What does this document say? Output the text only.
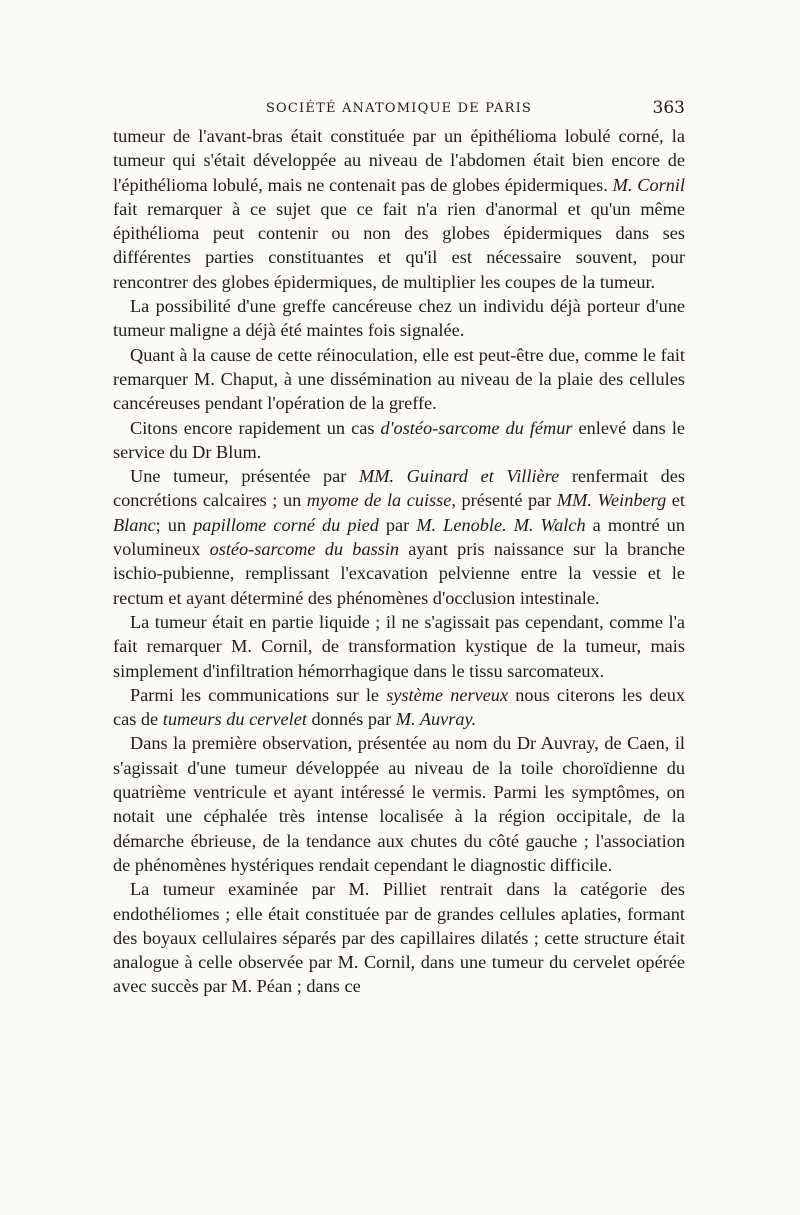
SOCIÉTÉ ANATOMIQUE DE PARIS	363

tumeur de l'avant-bras était constituée par un épithélioma lobulé corné, la tumeur qui s'était développée au niveau de l'abdomen était bien encore de l'épithélioma lobulé, mais ne contenait pas de globes épidermiques. M. Cornil fait remarquer à ce sujet que ce fait n'a rien d'anormal et qu'un même épithélioma peut contenir ou non des globes épidermiques dans ses différentes parties constituantes et qu'il est nécessaire souvent, pour rencontrer des globes épidermiques, de multiplier les coupes de la tumeur.

La possibilité d'une greffe cancéreuse chez un individu déjà porteur d'une tumeur maligne a déjà été maintes fois signalée.

Quant à la cause de cette réinoculation, elle est peut-être due, comme le fait remarquer M. Chaput, à une dissémination au niveau de la plaie des cellules cancéreuses pendant l'opération de la greffe.

Citons encore rapidement un cas d'ostéo-sarcome du fémur enlevé dans le service du Dr Blum.

Une tumeur, présentée par MM. Guinard et Villière renfermait des concrétions calcaires ; un myome de la cuisse, présenté par MM. Weinberg et Blanc; un papillome corné du pied par M. Lenoble. M. Walch a montré un volumineux ostéo-sarcome du bassin ayant pris naissance sur la branche ischio-pubienne, remplissant l'excavation pelvienne entre la vessie et le rectum et ayant déterminé des phénomènes d'occlusion intestinale.

La tumeur était en partie liquide ; il ne s'agissait pas cependant, comme l'a fait remarquer M. Cornil, de transformation kystique de la tumeur, mais simplement d'infiltration hémorrhagique dans le tissu sarcomateux.

Parmi les communications sur le système nerveux nous citerons les deux cas de tumeurs du cervelet donnés par M. Auvray.

Dans la première observation, présentée au nom du Dr Auvray, de Caen, il s'agissait d'une tumeur développée au niveau de la toile choroïdienne du quatrième ventricule et ayant intéressé le vermis. Parmi les symptômes, on notait une céphalée très intense localisée à la région occipitale, de la démarche ébrieuse, de la tendance aux chutes du côté gauche ; l'association de phénomènes hystériques rendait cependant le diagnostic difficile.

La tumeur examinée par M. Pilliet rentrait dans la catégorie des endothéliomes ; elle était constituée par de grandes cellules aplaties, formant des boyaux cellulaires séparés par des capillaires dilatés ; cette structure était analogue à celle observée par M. Cornil, dans une tumeur du cervelet opérée avec succès par M. Péan ; dans ce
